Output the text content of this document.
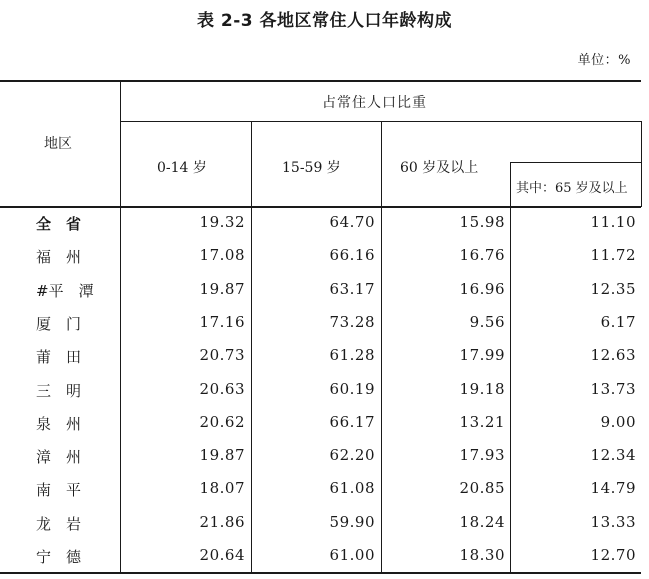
表 2-3 各地区常住人口年龄构成
单位：%
地区
占常住人口比重
0-14 岁	15-59 岁	60 岁及以上
其中：65 岁及以上
全　省	19.32	64.70	15.98	11.10
福　州	17.08	66.16	16.76	11.72
#平　潭	19.87	63.17	16.96	12.35
厦　门	17.16	73.28	9.56	6.17
莆　田	20.73	61.28	17.99	12.63
三　明	20.63	60.19	19.18	13.73
泉　州	20.62	66.17	13.21	9.00
漳　州	19.87	62.20	17.93	12.34
南　平	18.07	61.08	20.85	14.79
龙　岩	21.86	59.90	18.24	13.33
宁　德	20.64	61.00	18.30	12.70
